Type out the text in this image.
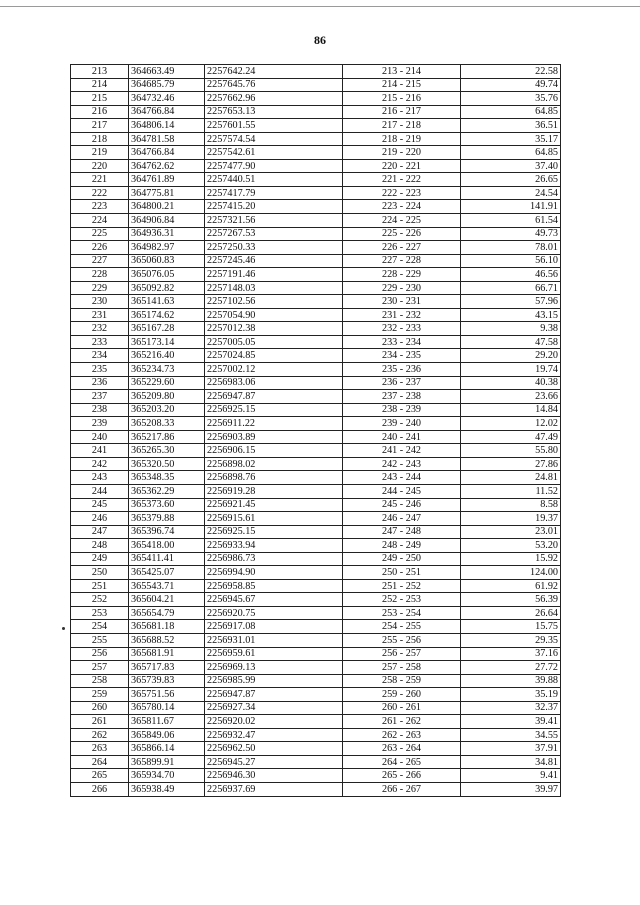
86
213	364663.49	2257642.24	213 - 214	22.58	
214	364685.79	2257645.76	214 - 215	49.74	
215	364732.46	2257662.96	215 - 216	35.76	
216	364766.84	2257653.13	216 - 217	64.85	
217	364806.14	2257601.55	217 - 218	36.51	
218	364781.58	2257574.54	218 - 219	35.17	
219	364766.84	2257542.61	219 - 220	64.85	
220	364762.62	2257477.90	220 - 221	37.40	
221	364761.89	2257440.51	221 - 222	26.65	
222	364775.81	2257417.79	222 - 223	24.54	
223	364800.21	2257415.20	223 - 224	141.91	
224	364906.84	2257321.56	224 - 225	61.54	
225	364936.31	2257267.53	225 - 226	49.73	
226	364982.97	2257250.33	226 - 227	78.01	
227	365060.83	2257245.46	227 - 228	56.10	
228	365076.05	2257191.46	228 - 229	46.56	
229	365092.82	2257148.03	229 - 230	66.71	
230	365141.63	2257102.56	230 - 231	57.96	
231	365174.62	2257054.90	231 - 232	43.15	
232	365167.28	2257012.38	232 - 233	9.38	
233	365173.14	2257005.05	233 - 234	47.58	
234	365216.40	2257024.85	234 - 235	29.20	
235	365234.73	2257002.12	235 - 236	19.74	
236	365229.60	2256983.06	236 - 237	40.38	
237	365209.80	2256947.87	237 - 238	23.66	
238	365203.20	2256925.15	238 - 239	14.84	
239	365208.33	2256911.22	239 - 240	12.02	
240	365217.86	2256903.89	240 - 241	47.49	
241	365265.30	2256906.15	241 - 242	55.80	
242	365320.50	2256898.02	242 - 243	27.86	
243	365348.35	2256898.76	243 - 244	24.81	
244	365362.29	2256919.28	244 - 245	11.52	
245	365373.60	2256921.45	245 - 246	8.58	
246	365379.88	2256915.61	246 - 247	19.37	
247	365396.74	2256925.15	247 - 248	23.01	
248	365418.00	2256933.94	248 - 249	53.20	
249	365411.41	2256986.73	249 - 250	15.92	
250	365425.07	2256994.90	250 - 251	124.00	
251	365543.71	2256958.85	251 - 252	61.92	
252	365604.21	2256945.67	252 - 253	56.39	
253	365654.79	2256920.75	253 - 254	26.64	
254	365681.18	2256917.08	254 - 255	15.75	
255	365688.52	2256931.01	255 - 256	29.35	
256	365681.91	2256959.61	256 - 257	37.16	
257	365717.83	2256969.13	257 - 258	27.72	
258	365739.83	2256985.99	258 - 259	39.88	
259	365751.56	2256947.87	259 - 260	35.19	
260	365780.14	2256927.34	260 - 261	32.37	
261	365811.67	2256920.02	261 - 262	39.41	
262	365849.06	2256932.47	262 - 263	34.55	
263	365866.14	2256962.50	263 - 264	37.91	
264	365899.91	2256945.27	264 - 265	34.81	
265	365934.70	2256946.30	265 - 266	9.41	
266	365938.49	2256937.69	266 - 267	39.97	
